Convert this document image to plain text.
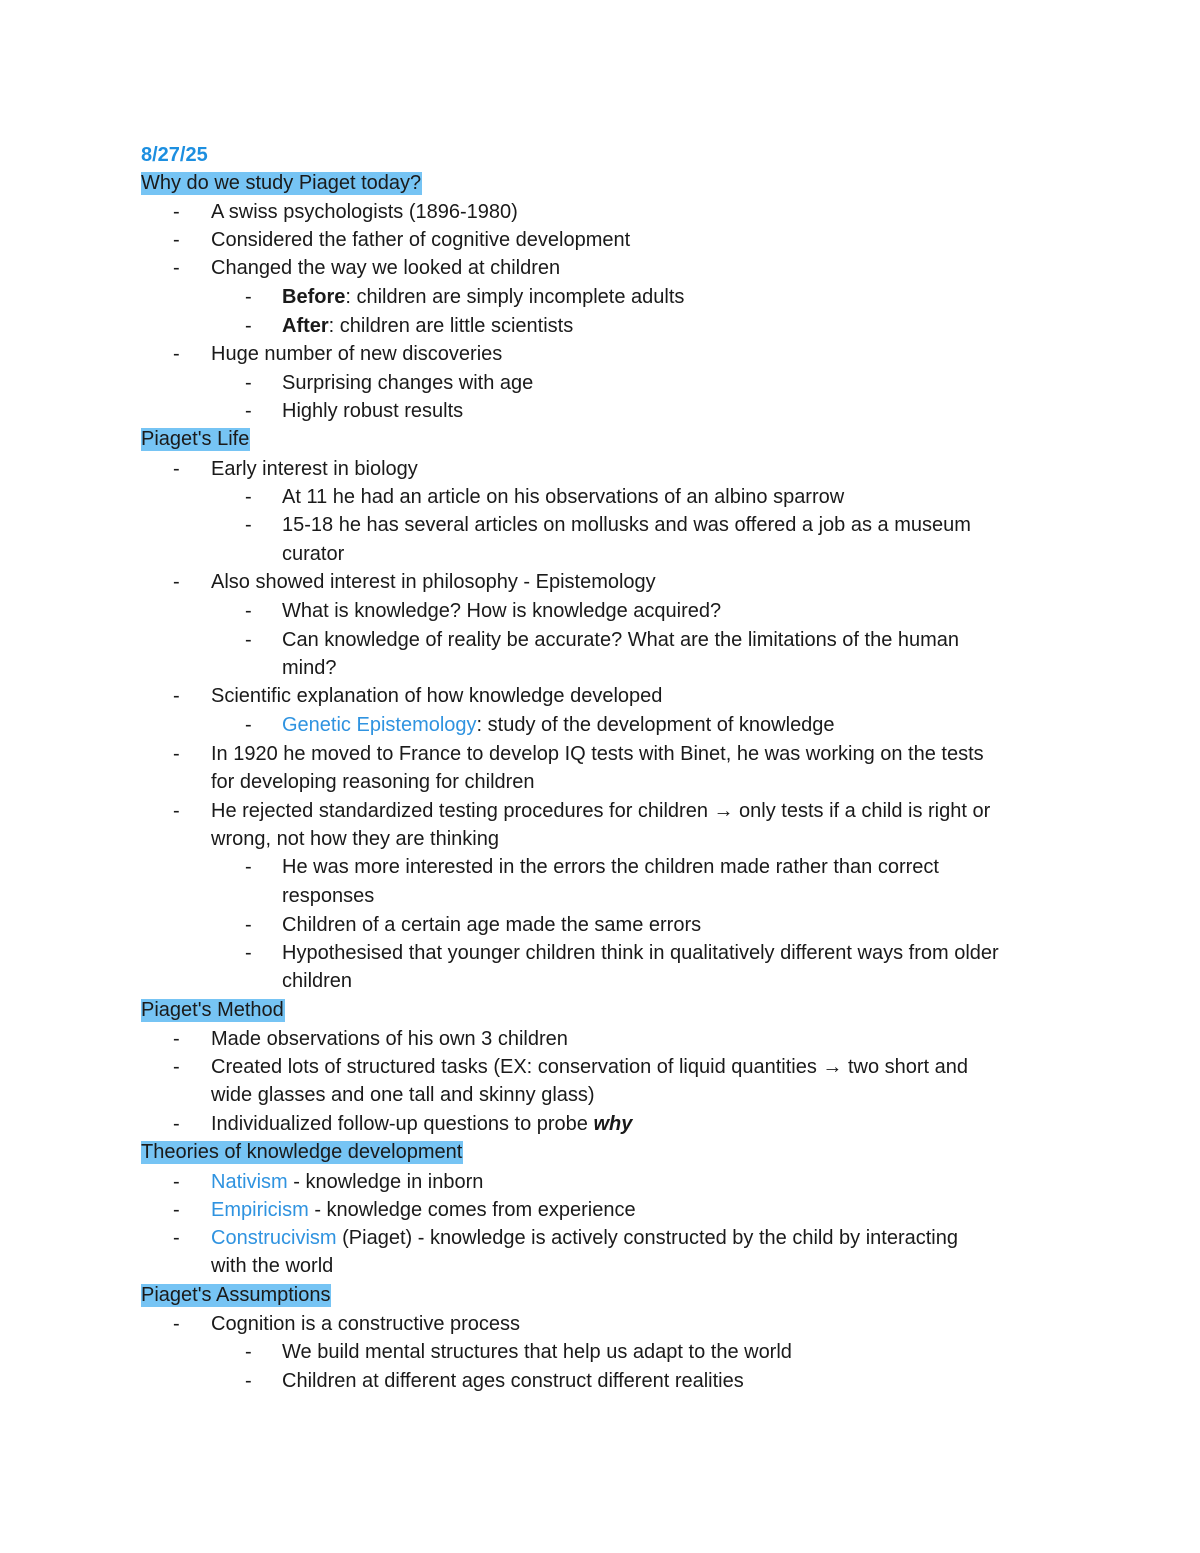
8/27/25
Why do we study Piaget today?
- A swiss psychologists (1896-1980)
- Considered the father of cognitive development
- Changed the way we looked at children
- Before: children are simply incomplete adults
- After: children are little scientists
- Huge number of new discoveries
- Surprising changes with age
- Highly robust results
Piaget's Life
- Early interest in biology
- At 11 he had an article on his observations of an albino sparrow
- 15-18 he has several articles on mollusks and was offered a job as a museum
curator
- Also showed interest in philosophy - Epistemology
- What is knowledge? How is knowledge acquired?
- Can knowledge of reality be accurate? What are the limitations of the human
mind?
- Scientific explanation of how knowledge developed
- Genetic Epistemology: study of the development of knowledge
- In 1920 he moved to France to develop IQ tests with Binet, he was working on the tests
for developing reasoning for children
- He rejected standardized testing procedures for children → only tests if a child is right or
wrong, not how they are thinking
- He was more interested in the errors the children made rather than correct
responses
- Children of a certain age made the same errors
- Hypothesised that younger children think in qualitatively different ways from older
children
Piaget's Method
- Made observations of his own 3 children
- Created lots of structured tasks (EX: conservation of liquid quantities → two short and
wide glasses and one tall and skinny glass)
- Individualized follow-up questions to probe why
Theories of knowledge development
- Nativism - knowledge in inborn
- Empiricism - knowledge comes from experience
- Construcivism (Piaget) - knowledge is actively constructed by the child by interacting
with the world
Piaget's Assumptions
- Cognition is a constructive process
- We build mental structures that help us adapt to the world
- Children at different ages construct different realities
